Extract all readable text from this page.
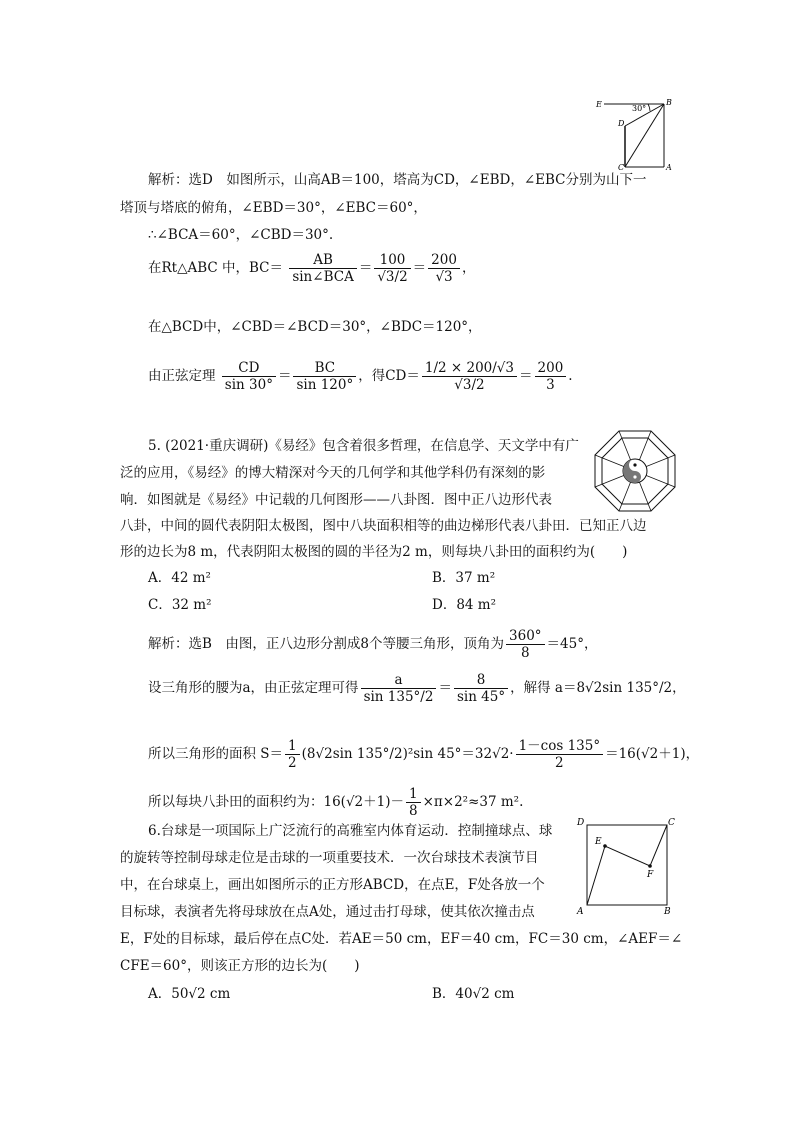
E	B
D
C	A
30°
解析：选D　如图所示，山高AB＝100，塔高为CD，∠EBD，∠EBC分别为山下一
塔顶与塔底的俯角，∠EBD＝30°，∠EBC＝60°，
∴∠BCA＝60°，∠CBD＝30°.
在Rt△ABC 中，$BC= \frac{AB}{\text{sin∠BCA}} = \frac{100}{√3/2} = \frac{200}{√3}$ ，
在△BCD中，∠CBD＝∠BCD＝30°，∠BDC＝120°，
由正弦定理 $\frac{CD}{\sin 30^\circ} = \frac{BC}{\sin 120^\circ}$ ，得$CD= \frac{1/2 \times 200/√3}{√3/2} = \frac{200}{3}$ .
5. (2021·重庆调研)《易经》包含着很多哲理，在信息学、天文学中有广
泛的应用，《易经》的博大精深对今天的几何学和其他学科仍有深刻的影
响．如图就是《易经》中记载的几何图形——八卦图．图中正八边形代表
八卦，中间的圆代表阴阳太极图，图中八块面积相等的曲边梯形代表八卦田．已知正八边
形的边长为8 m，代表阴阳太极图的圆的半径为2 m，则每块八卦田的面积约为(　　)
A．42 m²	B．37 m²
C．32 m²	D．84 m²
解析：选B　由图，正八边形分割成8个等腰三角形，顶角为 $\frac{360^\circ}{8} =45^\circ$，
设三角形的腰为a，由正弦定理可得 $\frac{a}{\sin 135^\circ/2} = \frac{8}{\sin 45^\circ}$ ，解得 a＝8√2sin 135°/2，
所以三角形的面积 $S= \frac{1}{2} (8√2\sin$ 135°/2)²sin $45^\circ=32√2\cdot \frac{1-\cos 135^\circ}{2} =16(√2+1)$，
所以每块八卦田的面积约为：$16(√2+1)- \frac{1}{8} \times\pi\times 2^2\approx 37$ m².
6.台球是一项国际上广泛流行的高雅室内体育运动．控制撞球点、球
的旋转等控制母球走位是击球的一项重要技术．一次台球技术表演节目
中，在台球桌上，画出如图所示的正方形ABCD，在点E，F处各放一个
目标球，表演者先将母球放在点A处，通过击打母球，使其依次撞击点
E，F处的目标球，最后停在点C处．若AE＝50 cm，EF＝40 cm，FC＝30 cm，∠AEF＝∠
CFE＝60°，则该正方形的边长为(　　)
D	C
E
F
A	B
A．50√2 cm	B．40√2 cm
